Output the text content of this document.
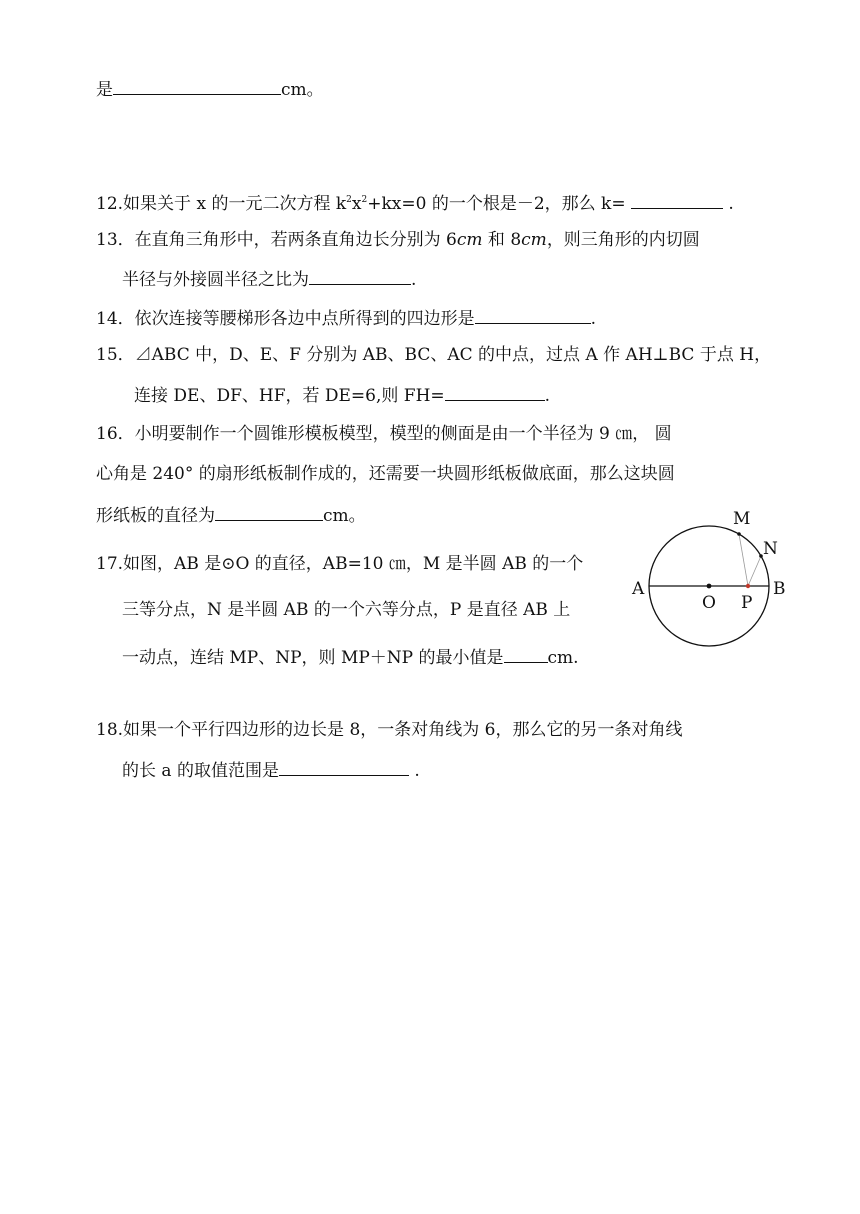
是	cm。
12.如果关于 x 的一元二次方程 $k^2x^2+kx=0$ 的一个根是－2，那么 k=	.
13．在直角三角形中，若两条直角边长分别为 6cm 和 8cm，则三角形的内切圆
半径与外接圆半径之比为	.
14．依次连接等腰梯形各边中点所得到的四边形是	.
15．⊿ABC 中，D、E、F 分别为 AB、BC、AC 的中点，过点 A 作 AH⊥BC 于点 H，
连接 DE、DF、HF，若 DE=6,则 FH=	.
16．小明要制作一个圆锥形模板模型，模型的侧面是由一个半径为 9 ㎝， 圆
心角是 240° 的扇形纸板制作成的，还需要一块圆形纸板做底面，那么这块圆
形纸板的直径为	cm。
17.如图，AB 是⊙O 的直径，AB=10 ㎝，M 是半圆 AB 的一个
三等分点，N 是半圆 AB 的一个六等分点，P 是直径 AB 上
一动点，连结 MP、NP，则 MP＋NP 的最小值是	cm.
18.如果一个平行四边形的边长是 8，一条对角线为 6，那么它的另一条对角线
的长 a 的取值范围是	.
A	B
O P
M
N
